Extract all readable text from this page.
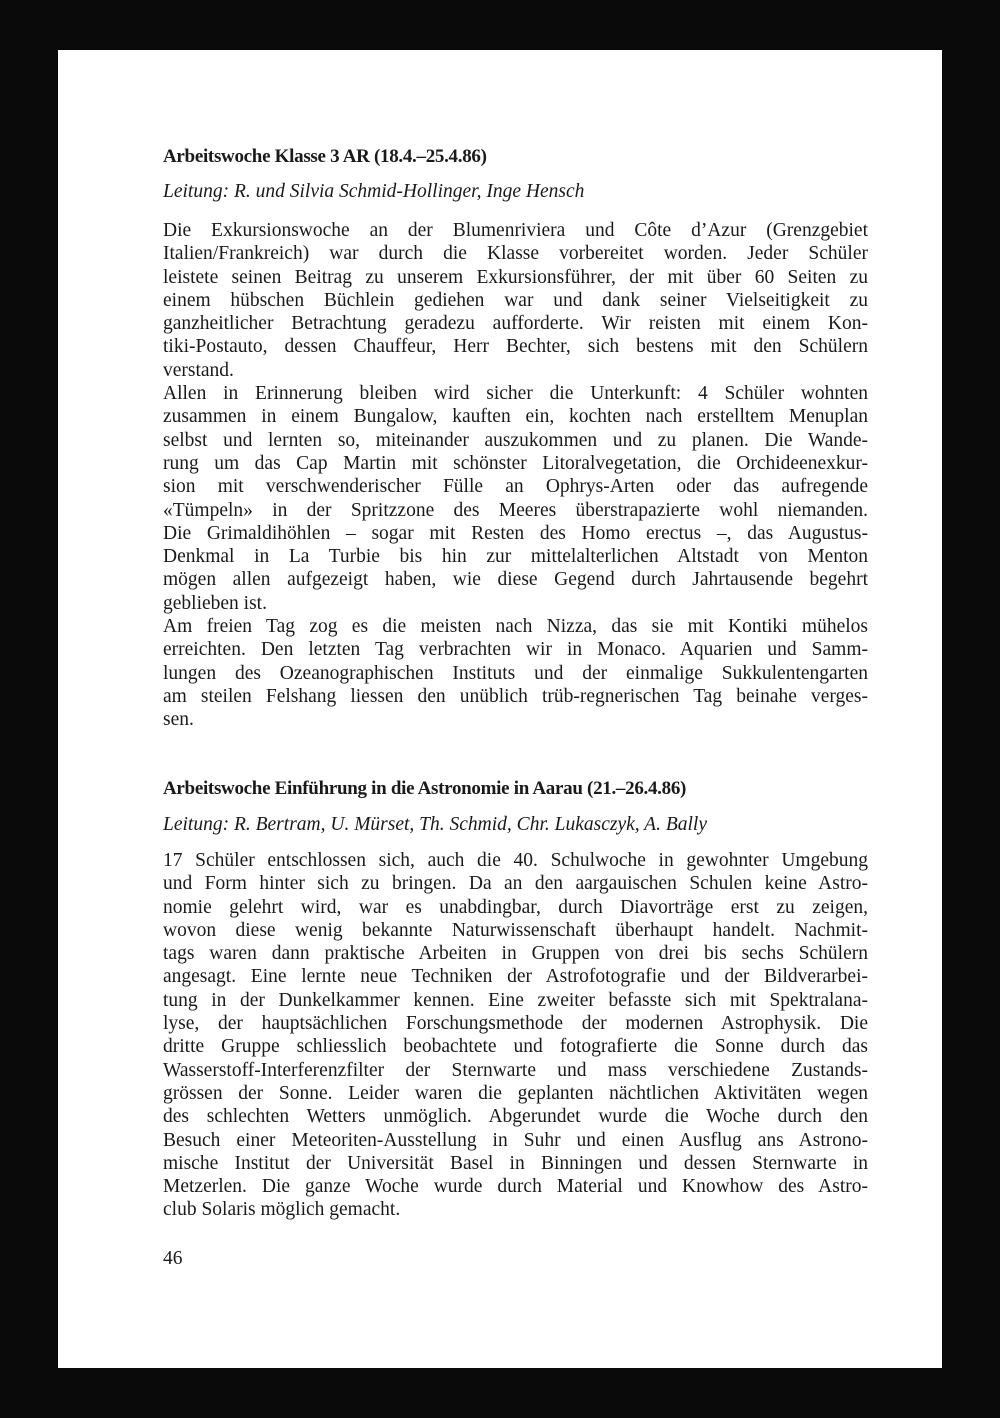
Arbeitswoche Klasse 3 AR (18.4.–25.4.86)
Leitung: R. und Silvia Schmid-Hollinger, Inge Hensch
Die Exkursionswoche an der Blumenriviera und Côte d’Azur (Grenzgebiet
Italien/Frankreich) war durch die Klasse vorbereitet worden. Jeder Schüler
leistete seinen Beitrag zu unserem Exkursionsführer, der mit über 60 Seiten zu
einem hübschen Büchlein gediehen war und dank seiner Vielseitigkeit zu
ganzheitlicher Betrachtung geradezu aufforderte. Wir reisten mit einem Kon-
tiki-Postauto, dessen Chauffeur, Herr Bechter, sich bestens mit den Schülern
verstand.
Allen in Erinnerung bleiben wird sicher die Unterkunft: 4 Schüler wohnten
zusammen in einem Bungalow, kauften ein, kochten nach erstelltem Menuplan
selbst und lernten so, miteinander auszukommen und zu planen. Die Wande-
rung um das Cap Martin mit schönster Litoralvegetation, die Orchideenexkur-
sion mit verschwenderischer Fülle an Ophrys-Arten oder das aufregende
«Tümpeln» in der Spritzzone des Meeres überstrapazierte wohl niemanden.
Die Grimaldihöhlen – sogar mit Resten des Homo erectus –, das Augustus-
Denkmal in La Turbie bis hin zur mittelalterlichen Altstadt von Menton
mögen allen aufgezeigt haben, wie diese Gegend durch Jahrtausende begehrt
geblieben ist.
Am freien Tag zog es die meisten nach Nizza, das sie mit Kontiki mühelos
erreichten. Den letzten Tag verbrachten wir in Monaco. Aquarien und Samm-
lungen des Ozeanographischen Instituts und der einmalige Sukkulentengarten
am steilen Felshang liessen den unüblich trüb-regnerischen Tag beinahe verges-
sen.
Arbeitswoche Einführung in die Astronomie in Aarau (21.–26.4.86)
Leitung: R. Bertram, U. Mürset, Th. Schmid, Chr. Lukasczyk, A. Bally
17 Schüler entschlossen sich, auch die 40. Schulwoche in gewohnter Umgebung
und Form hinter sich zu bringen. Da an den aargauischen Schulen keine Astro-
nomie gelehrt wird, war es unabdingbar, durch Diavorträge erst zu zeigen,
wovon diese wenig bekannte Naturwissenschaft überhaupt handelt. Nachmit-
tags waren dann praktische Arbeiten in Gruppen von drei bis sechs Schülern
angesagt. Eine lernte neue Techniken der Astrofotografie und der Bildverarbei-
tung in der Dunkelkammer kennen. Eine zweiter befasste sich mit Spektralana-
lyse, der hauptsächlichen Forschungsmethode der modernen Astrophysik. Die
dritte Gruppe schliesslich beobachtete und fotografierte die Sonne durch das
Wasserstoff-Interferenzfilter der Sternwarte und mass verschiedene Zustands-
grössen der Sonne. Leider waren die geplanten nächtlichen Aktivitäten wegen
des schlechten Wetters unmöglich. Abgerundet wurde die Woche durch den
Besuch einer Meteoriten-Ausstellung in Suhr und einen Ausflug ans Astrono-
mische Institut der Universität Basel in Binningen und dessen Sternwarte in
Metzerlen. Die ganze Woche wurde durch Material und Knowhow des Astro-
club Solaris möglich gemacht.
46
